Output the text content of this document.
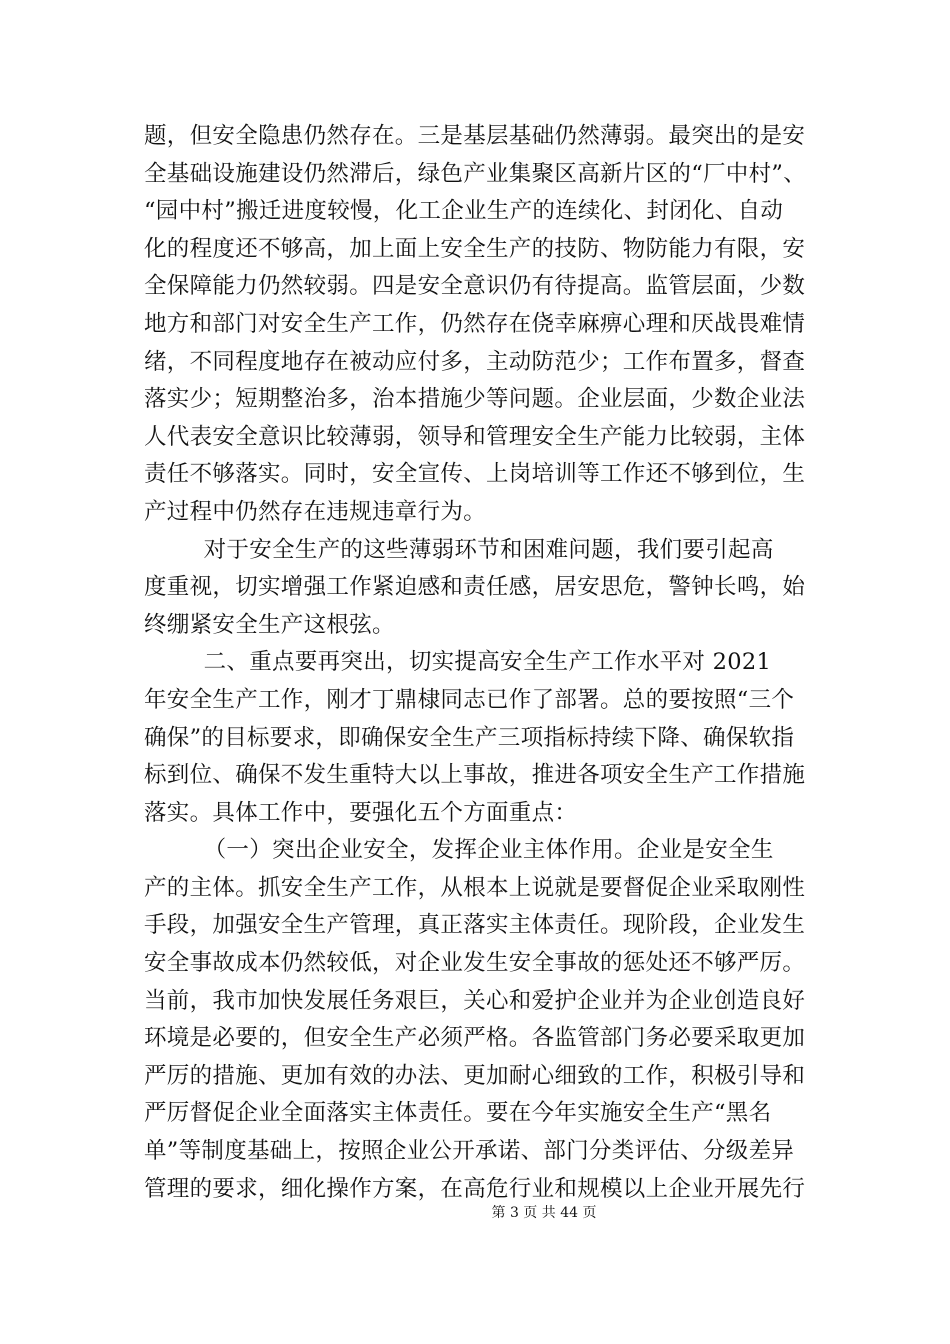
题，但安全隐患仍然存在。三是基层基础仍然薄弱。最突出的是安
全基础设施建设仍然滞后，绿色产业集聚区高新片区的“厂中村”、
“园中村”搬迁进度较慢，化工企业生产的连续化、封闭化、自动
化的程度还不够高，加上面上安全生产的技防、物防能力有限，安
全保障能力仍然较弱。四是安全意识仍有待提高。监管层面，少数
地方和部门对安全生产工作，仍然存在侥幸麻痹心理和厌战畏难情
绪，不同程度地存在被动应付多，主动防范少；工作布置多，督查
落实少；短期整治多，治本措施少等问题。企业层面，少数企业法
人代表安全意识比较薄弱，领导和管理安全生产能力比较弱，主体
责任不够落实。同时，安全宣传、上岗培训等工作还不够到位，生
产过程中仍然存在违规违章行为。
对于安全生产的这些薄弱环节和困难问题，我们要引起高
度重视，切实增强工作紧迫感和责任感，居安思危，警钟长鸣，始
终绷紧安全生产这根弦。
二、重点要再突出，切实提高安全生产工作水平对 2021
年安全生产工作，刚才丁鼎棣同志已作了部署。总的要按照“三个
确保”的目标要求，即确保安全生产三项指标持续下降、确保软指
标到位、确保不发生重特大以上事故，推进各项安全生产工作措施
落实。具体工作中，要强化五个方面重点：
（一）突出企业安全，发挥企业主体作用。企业是安全生
产的主体。抓安全生产工作，从根本上说就是要督促企业采取刚性
手段，加强安全生产管理，真正落实主体责任。现阶段，企业发生
安全事故成本仍然较低，对企业发生安全事故的惩处还不够严厉。
当前，我市加快发展任务艰巨，关心和爱护企业并为企业创造良好
环境是必要的，但安全生产必须严格。各监管部门务必要采取更加
严厉的措施、更加有效的办法、更加耐心细致的工作，积极引导和
严厉督促企业全面落实主体责任。要在今年实施安全生产“黑名
单”等制度基础上，按照企业公开承诺、部门分类评估、分级差异
管理的要求，细化操作方案，在高危行业和规模以上企业开展先行
第 3 页 共 44 页
